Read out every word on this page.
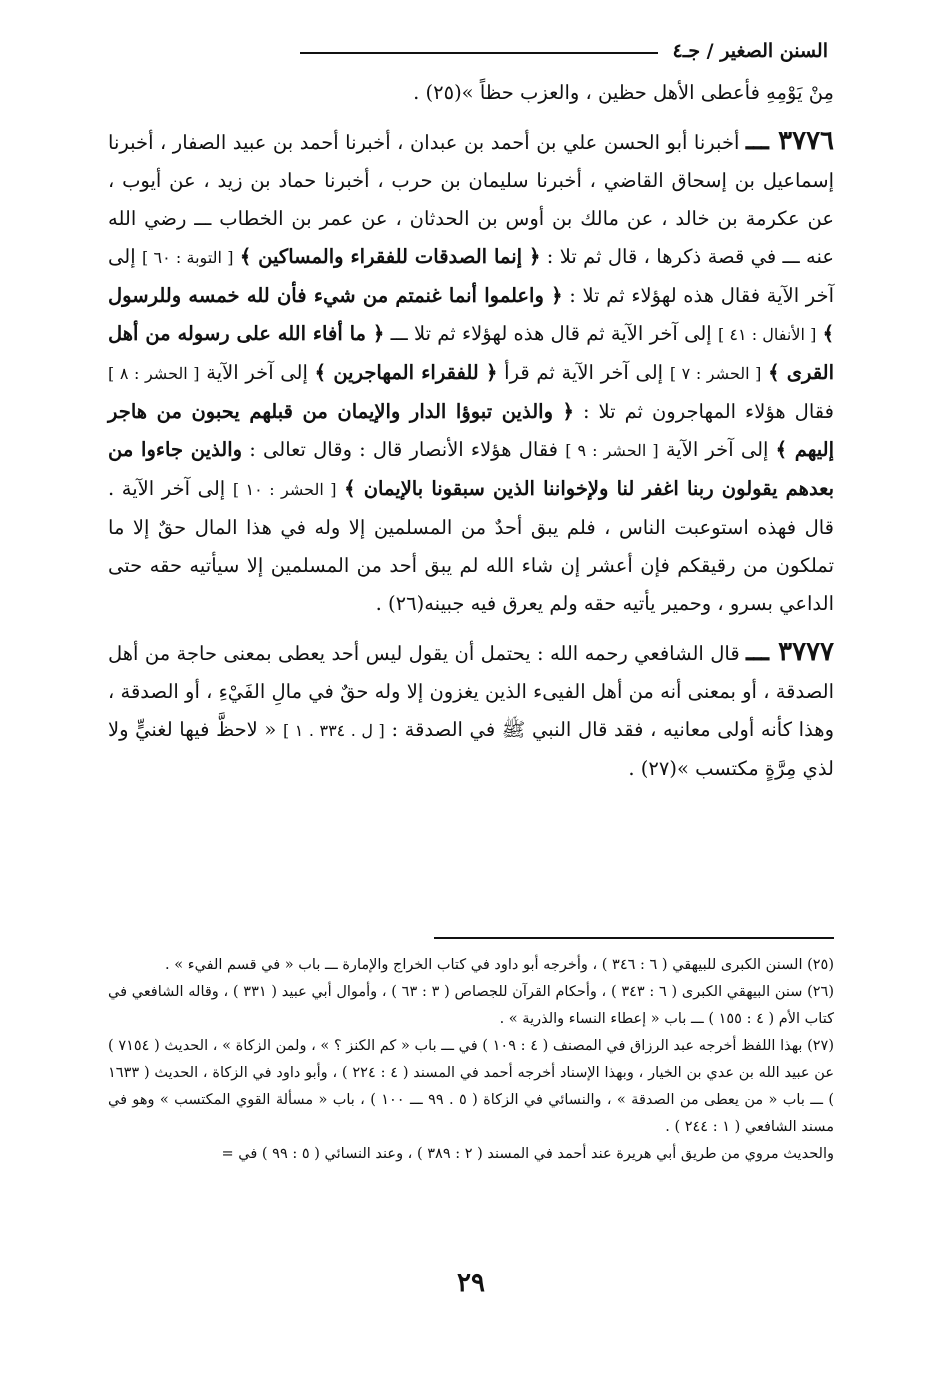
السنن الصغير / جـ٤

مِنْ يَوْمِهِ فأعطى الأهل حظين ، والعزب حظاً »(٢٥) .

٣٧٧٦ ـــ أخبرنا أبو الحسن علي بن أحمد بن عبدان ، أخبرنا أحمد بن عبيد الصفار ، أخبرنا إسماعيل بن إسحاق القاضي ، أخبرنا سليمان بن حرب ، أخبرنا حماد بن زيد ، عن أيوب ، عن عكرمة بن خالد ، عن مالك بن أوس بن الحدثان ، عن عمر بن الخطاب ـــ رضي الله عنه ـــ في قصة ذكرها ، قال ثم تلا : ﴿ إنما الصدقات للفقراء والمساكين ﴾ [ التوبة : ٦٠ ] إلى آخر الآية فقال هذه لهؤلاء ثم تلا : ﴿ واعلموا أنما غنمتم من شيء فأن لله خمسه وللرسول ﴾ [ الأنفال : ٤١ ] إلى آخر الآية ثم قال هذه لهؤلاء ثم تلا ـــ ﴿ ما أفاء الله على رسوله من أهل القرى ﴾ [ الحشر : ٧ ] إلى آخر الآية ثم قرأ ﴿ للفقراء المهاجرين ﴾ إلى آخر الآية [ الحشر : ٨ ] فقال هؤلاء المهاجرون ثم تلا : ﴿ والذين تبوؤا الدار والإيمان من قبلهم يحبون من هاجر إليهم ﴾ إلى آخر الآية [ الحشر : ٩ ] فقال هؤلاء الأنصار قال : وقال تعالى : والذين جاءوا من بعدهم يقولون ربنا اغفر لنا ولإخواننا الذين سبقونا بالإيمان ﴾ [ الحشر : ١٠ ] إلى آخر الآية . قال فهذه استوعبت الناس ، فلم يبق أحدٌ من المسلمين إلا وله في هذا المال حقٌ إلا ما تملكون من رقيقكم فإن أعشر إن شاء الله لم يبق أحد من المسلمين إلا سيأتيه حقه حتى الداعي بسرو ، وحمير يأتيه حقه ولم يعرق فيه جبينه(٢٦) .

٣٧٧٧ ـــ قال الشافعي رحمه الله : يحتمل أن يقول ليس أحد يعطى بمعنى حاجة من أهل الصدقة ، أو بمعنى أنه من أهل الفيىء الذين يغزون إلا وله حقٌ في مالِ الفَيْءِ ، أو الصدقة ، وهذا كأنه أولى معانيه ، فقد قال النبي ﷺ في الصدقة : [ ل . ٣٣٤ . ١ ] « لاحظَّ فيها لغنيٍّ ولا لذي مِرَّةٍ مكتسب »(٢٧) .

(٢٥) السنن الكبرى للبيهقي ( ٦ : ٣٤٦ ) ، وأخرجه أبو داود في كتاب الخراج والإمارة ـــ باب « في قسم الفيء » .

(٢٦) سنن البيهقي الكبرى ( ٦ : ٣٤٣ ) ، وأحكام القرآن للجصاص ( ٣ : ٦٣ ) ، وأموال أبي عبيد ( ٣٣١ ) ، وقاله الشافعي في كتاب الأم ( ٤ : ١٥٥ ) ـــ باب « إعطاء النساء والذرية » .

(٢٧) بهذا اللفظ أخرجه عبد الرزاق في المصنف ( ٤ : ١٠٩ ) في ـــ باب « كم الكنز ؟ » ، ولمن الزكاة » ، الحديث ( ٧١٥٤ ) عن عبيد الله بن عدي بن الخيار ، وبهذا الإسناد أخرجه أحمد في المسند ( ٤ : ٢٢٤ ) ، وأبو داود في الزكاة ، الحديث ( ١٦٣٣ ) ـــ باب « من يعطى من الصدقة » ، والنسائي في الزكاة ( ٥ . ٩٩ ـــ ١٠٠ ) ، باب « مسألة القوي المكتسب » وهو في مسند الشافعي ( ١ : ٢٤٤ ) .

والحديث مروي من طريق أبي هريرة عند أحمد في المسند ( ٢ : ٣٨٩ ) ، وعند النسائي ( ٥ : ٩٩ ) في =

٢٩
